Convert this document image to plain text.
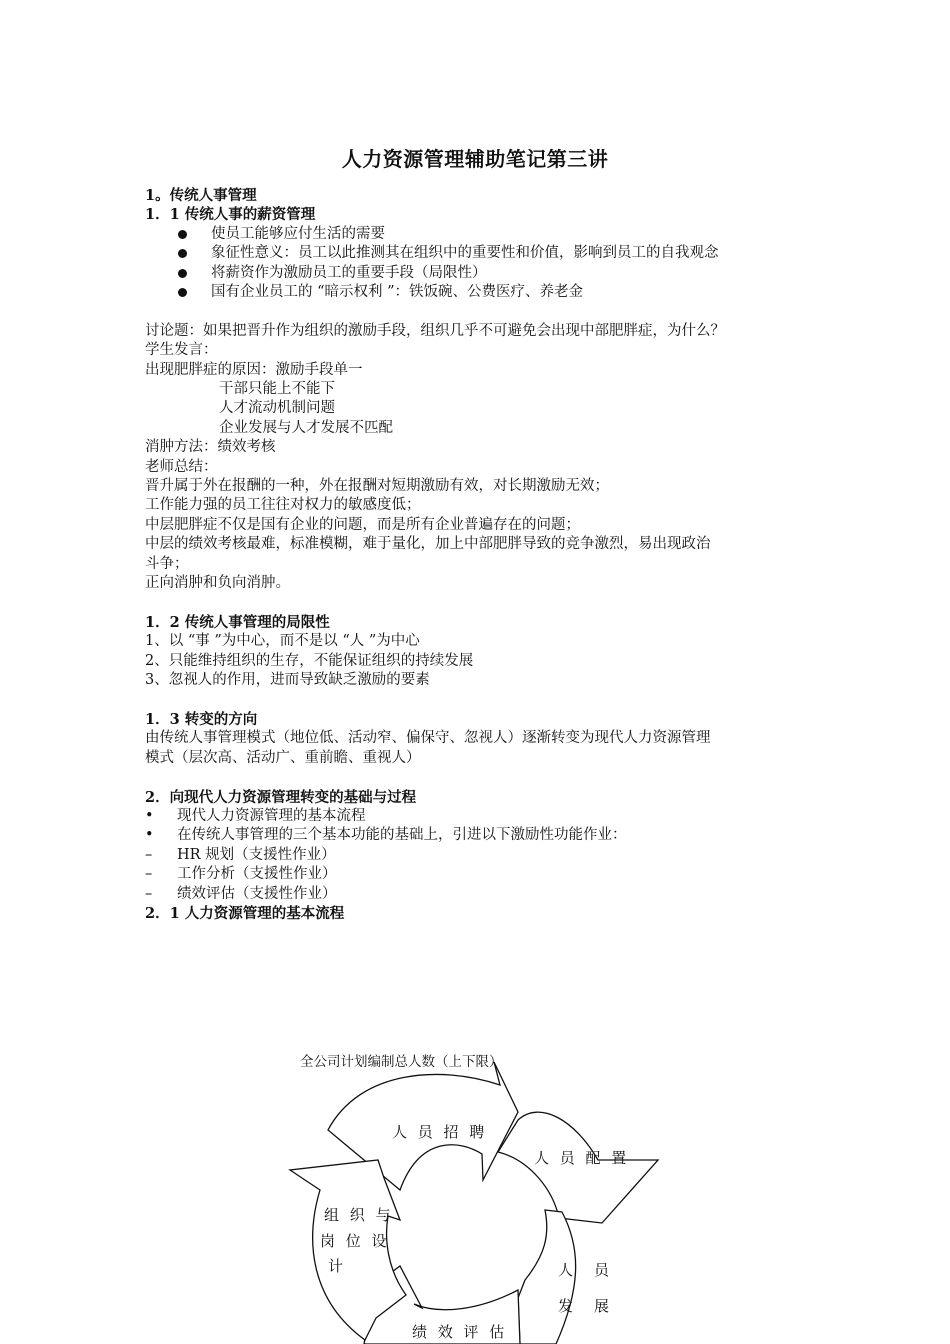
人力资源管理辅助笔记第三讲

1。传统人事管理

1．1 传统人事的薪资管理

使员工能够应付生活的需要
象征性意义：员工以此推测其在组织中的重要性和价值，影响到员工的自我观念
将薪资作为激励员工的重要手段（局限性）
国有企业员工的 “暗示权利 ”：铁饭碗、公费医疗、养老金

讨论题：如果把晋升作为组织的激励手段，组织几乎不可避免会出现中部肥胖症，为什么？

学生发言：

出现肥胖症的原因：激励手段单一

干部只能上不能下

人才流动机制问题

企业发展与人才发展不匹配

消肿方法：绩效考核

老师总结：

晋升属于外在报酬的一种，外在报酬对短期激励有效，对长期激励无效；

工作能力强的员工往往对权力的敏感度低；

中层肥胖症不仅是国有企业的问题，而是所有企业普遍存在的问题；

中层的绩效考核最难，标准模糊，难于量化，加上中部肥胖导致的竞争激烈，易出现政治

斗争；

正向消肿和负向消肿。

1．2 传统人事管理的局限性

1、以 “事 ”为中心，而不是以 “人 ”为中心

2、只能维持组织的生存，不能保证组织的持续发展

3、忽视人的作用，进而导致缺乏激励的要素

1．3 转变的方向

由传统人事管理模式（地位低、活动窄、偏保守、忽视人）逐渐转变为现代人力资源管理

模式（层次高、活动广、重前瞻、重视人）

2．向现代人力资源管理转变的基础与过程

• 现代人力资源管理的基本流程

• 在传统人事管理的三个基本功能的基础上，引进以下激励性功能作业：

– HR 规划（支援性作业）

– 工作分析（支援性作业）

– 绩效评估（支援性作业）

2．1 人力资源管理的基本流程

全公司计划编制总人数（上下限）
人 员 招 聘
人 员 配 置
人　员
发　展
绩 效 评 估
组 织 与
岗 位 设
计
